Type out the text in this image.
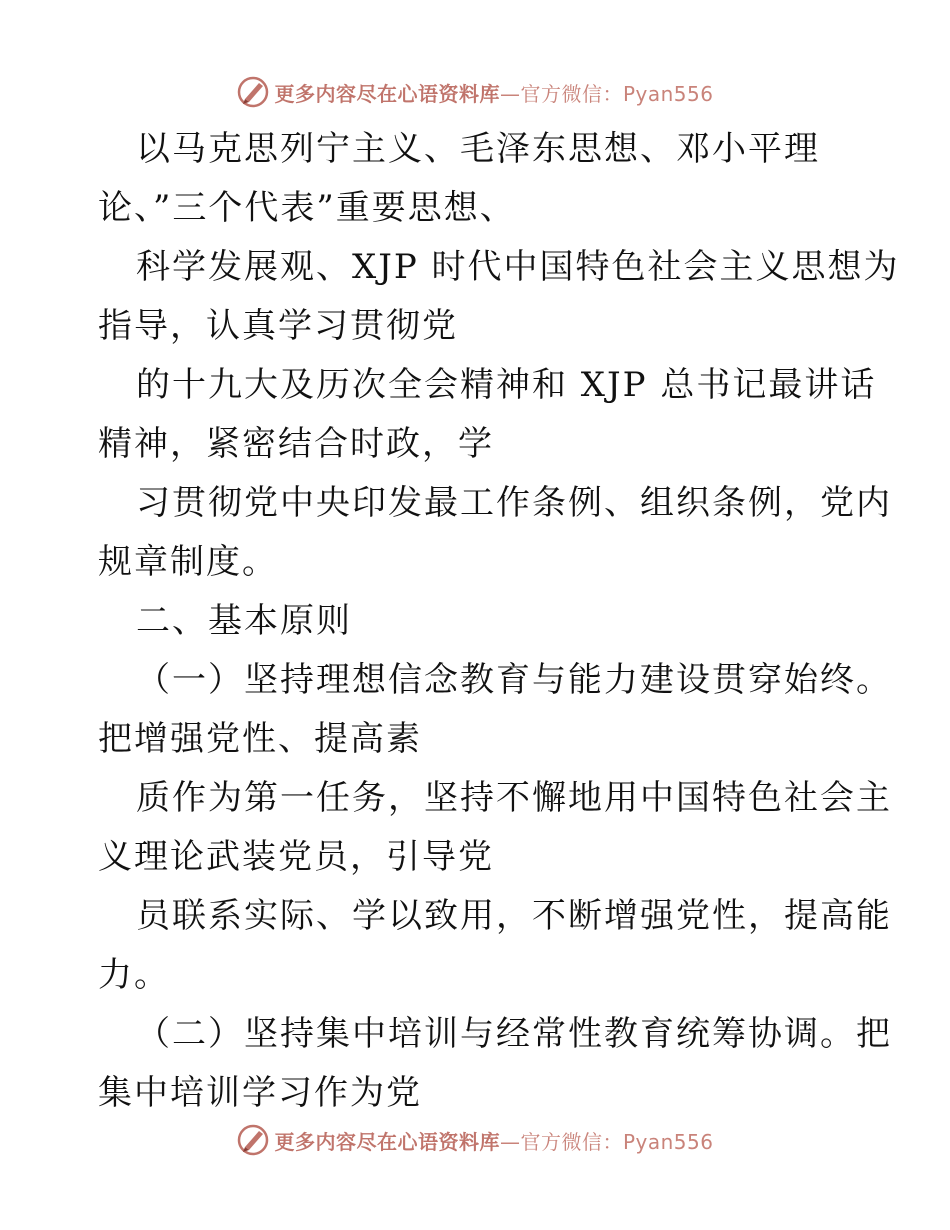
更多内容尽在心语资料库—官方微信：Pyan556
以马克思列宁主义、毛泽东思想、邓小平理
论、”三个代表”重要思想、
科学发展观、XJP 时代中国特色社会主义思想为
指导，认真学习贯彻党
的十九大及历次全会精神和 XJP 总书记最讲话
精神，紧密结合时政，学
习贯彻党中央印发最工作条例、组织条例，党内
规章制度。
二、基本原则
（一）坚持理想信念教育与能力建设贯穿始终。
把增强党性、提高素
质作为第一任务，坚持不懈地用中国特色社会主
义理论武装党员，引导党
员联系实际、学以致用，不断增强党性，提高能
力。
（二）坚持集中培训与经常性教育统筹协调。把
集中培训学习作为党
更多内容尽在心语资料库—官方微信：Pyan556
